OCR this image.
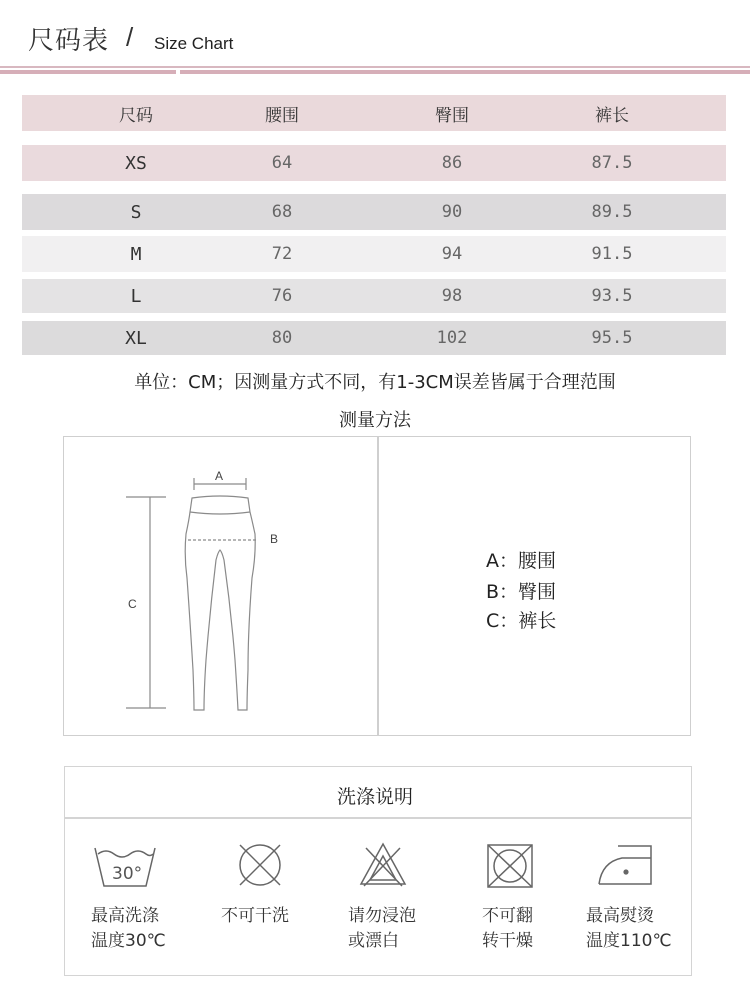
尺码表 / Size Chart
尺码	腰围	臀围	裤长
XS	64	86	87.5
S	68	90	89.5
M	72	94	91.5
L	76	98	93.5
XL	80	102	95.5
单位：CM；因测量方式不同，有1-3CM误差皆属于合理范围
测量方法
A
B
C
A：腰围
B：臀围
C：裤长
洗涤说明
30°
最高洗涤
温度30℃
不可干洗	请勿浸泡
或漂白
不可翻
转干燥
最高熨烫
温度110℃
